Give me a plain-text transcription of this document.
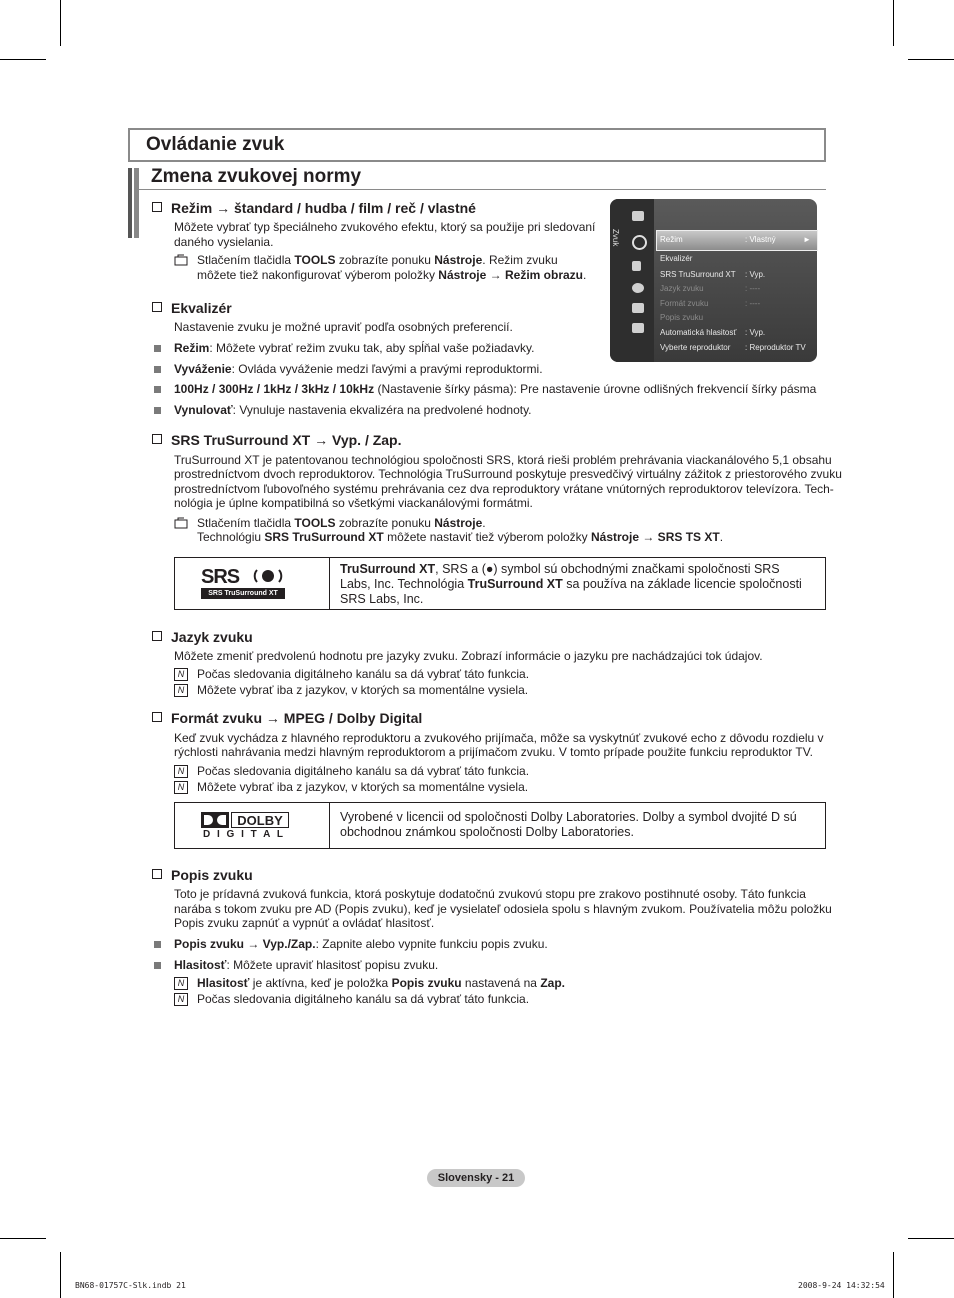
Ovládanie zvuk
Zmena zvukovej normy
Režim → štandard / hudba / film / reč / vlastné
Môžete vybrať typ špeciálneho zvukového efektu, ktorý sa použije pri sledovaní
daného vysielania.
Stlačením tlačidla TOOLS zobrazíte ponuku Nástroje. Režim zvuku
môžete tiež nakonfigurovať výberom položky Nástroje → Režim obrazu.
Zvuk	Režim	: Vlastný	►
Ekvalizér
SRS TruSurround XT : Vyp.
Jazyk zvuku	: ----
Formát zvuku	: ----
Popis zvuku
Automatická hlasitosť : Vyp.
Vyberte reproduktor : Reproduktor TV
Ekvalizér
Nastavenie zvuku je možné upraviť podľa osobných preferencií.
Režim: Môžete vybrať režim zvuku tak, aby spĺňal vaše požiadavky.
Vyváženie: Ovláda vyváženie medzi ľavými a pravými reproduktormi.
100Hz / 300Hz / 1kHz / 3kHz / 10kHz (Nastavenie šírky pásma): Pre nastavenie úrovne odlišných frekvencií šírky pásma
Vynulovať: Vynuluje nastavenia ekvalizéra na predvolené hodnoty.
SRS TruSurround XT → Vyp. / Zap.
TruSurround XT je patentovanou technológiou spoločnosti SRS, ktorá rieši problém prehrávania viackanálového 5,1 obsahu
prostredníctvom dvoch reproduktorov. Technológia TruSurround poskytuje presvedčivý virtuálny zážitok z priestorového zvuku
prostredníctvom ľubovoľného systému prehrávania cez dva reproduktory vrátane vnútorných reproduktorov televízora. Tech-
nológia je úplne kompatibilná so všetkými viackanálovými formátmi.
Stlačením tlačidla TOOLS zobrazíte ponuku Nástroje.
Technológiu SRS TruSurround XT môžete nastaviť tiež výberom položky Nástroje → SRS TS XT.
SRS
SRS TruSurround XT
TruSurround XT, SRS a (●) symbol sú obchodnými značkami spoločnosti SRS
Labs, Inc. Technológia TruSurround XT sa používa na základe licencie spoločnosti
SRS Labs, Inc.
Jazyk zvuku
Môžete zmeniť predvolenú hodnotu pre jazyky zvuku. Zobrazí informácie o jazyku pre nachádzajúci tok údajov.
N	Počas sledovania digitálneho kanálu sa dá vybrať táto funkcia.
N	Môžete vybrať iba z jazykov, v ktorých sa momentálne vysiela.
Formát zvuku → MPEG / Dolby Digital
Keď zvuk vychádza z hlavného reproduktoru a zvukového prijímača, môže sa vyskytnúť zvukové echo z dôvodu rozdielu v
rýchlosti nahrávania medzi hlavným reproduktorom a prijímačom zvuku. V tomto prípade použite funkciu reproduktor TV.
N	Počas sledovania digitálneho kanálu sa dá vybrať táto funkcia.
N	Môžete vybrať iba z jazykov, v ktorých sa momentálne vysiela.
DOLBY
D I G I T A L
Vyrobené v licencii od spoločnosti Dolby Laboratories. Dolby a symbol dvojité D sú
obchodnou známkou spoločnosti Dolby Laboratories.
Popis zvuku
Toto je prídavná zvuková funkcia, ktorá poskytuje dodatočnú zvukovú stopu pre zrakovo postihnuté osoby. Táto funkcia
narába s tokom zvuku pre AD (Popis zvuku), keď je vysielateľ odosiela spolu s hlavným zvukom. Používatelia môžu položku
Popis zvuku zapnúť a vypnúť a ovládať hlasitosť.
Popis zvuku → Vyp./Zap.: Zapnite alebo vypnite funkciu popis zvuku.
Hlasitosť: Môžete upraviť hlasitosť popisu zvuku.
N	Hlasitosť je aktívna, keď je položka Popis zvuku nastavená na Zap.
N	Počas sledovania digitálneho kanálu sa dá vybrať táto funkcia.
Slovensky - 21
BN68-01757C-Slk.indb 21	2008-9-24 14:32:54
